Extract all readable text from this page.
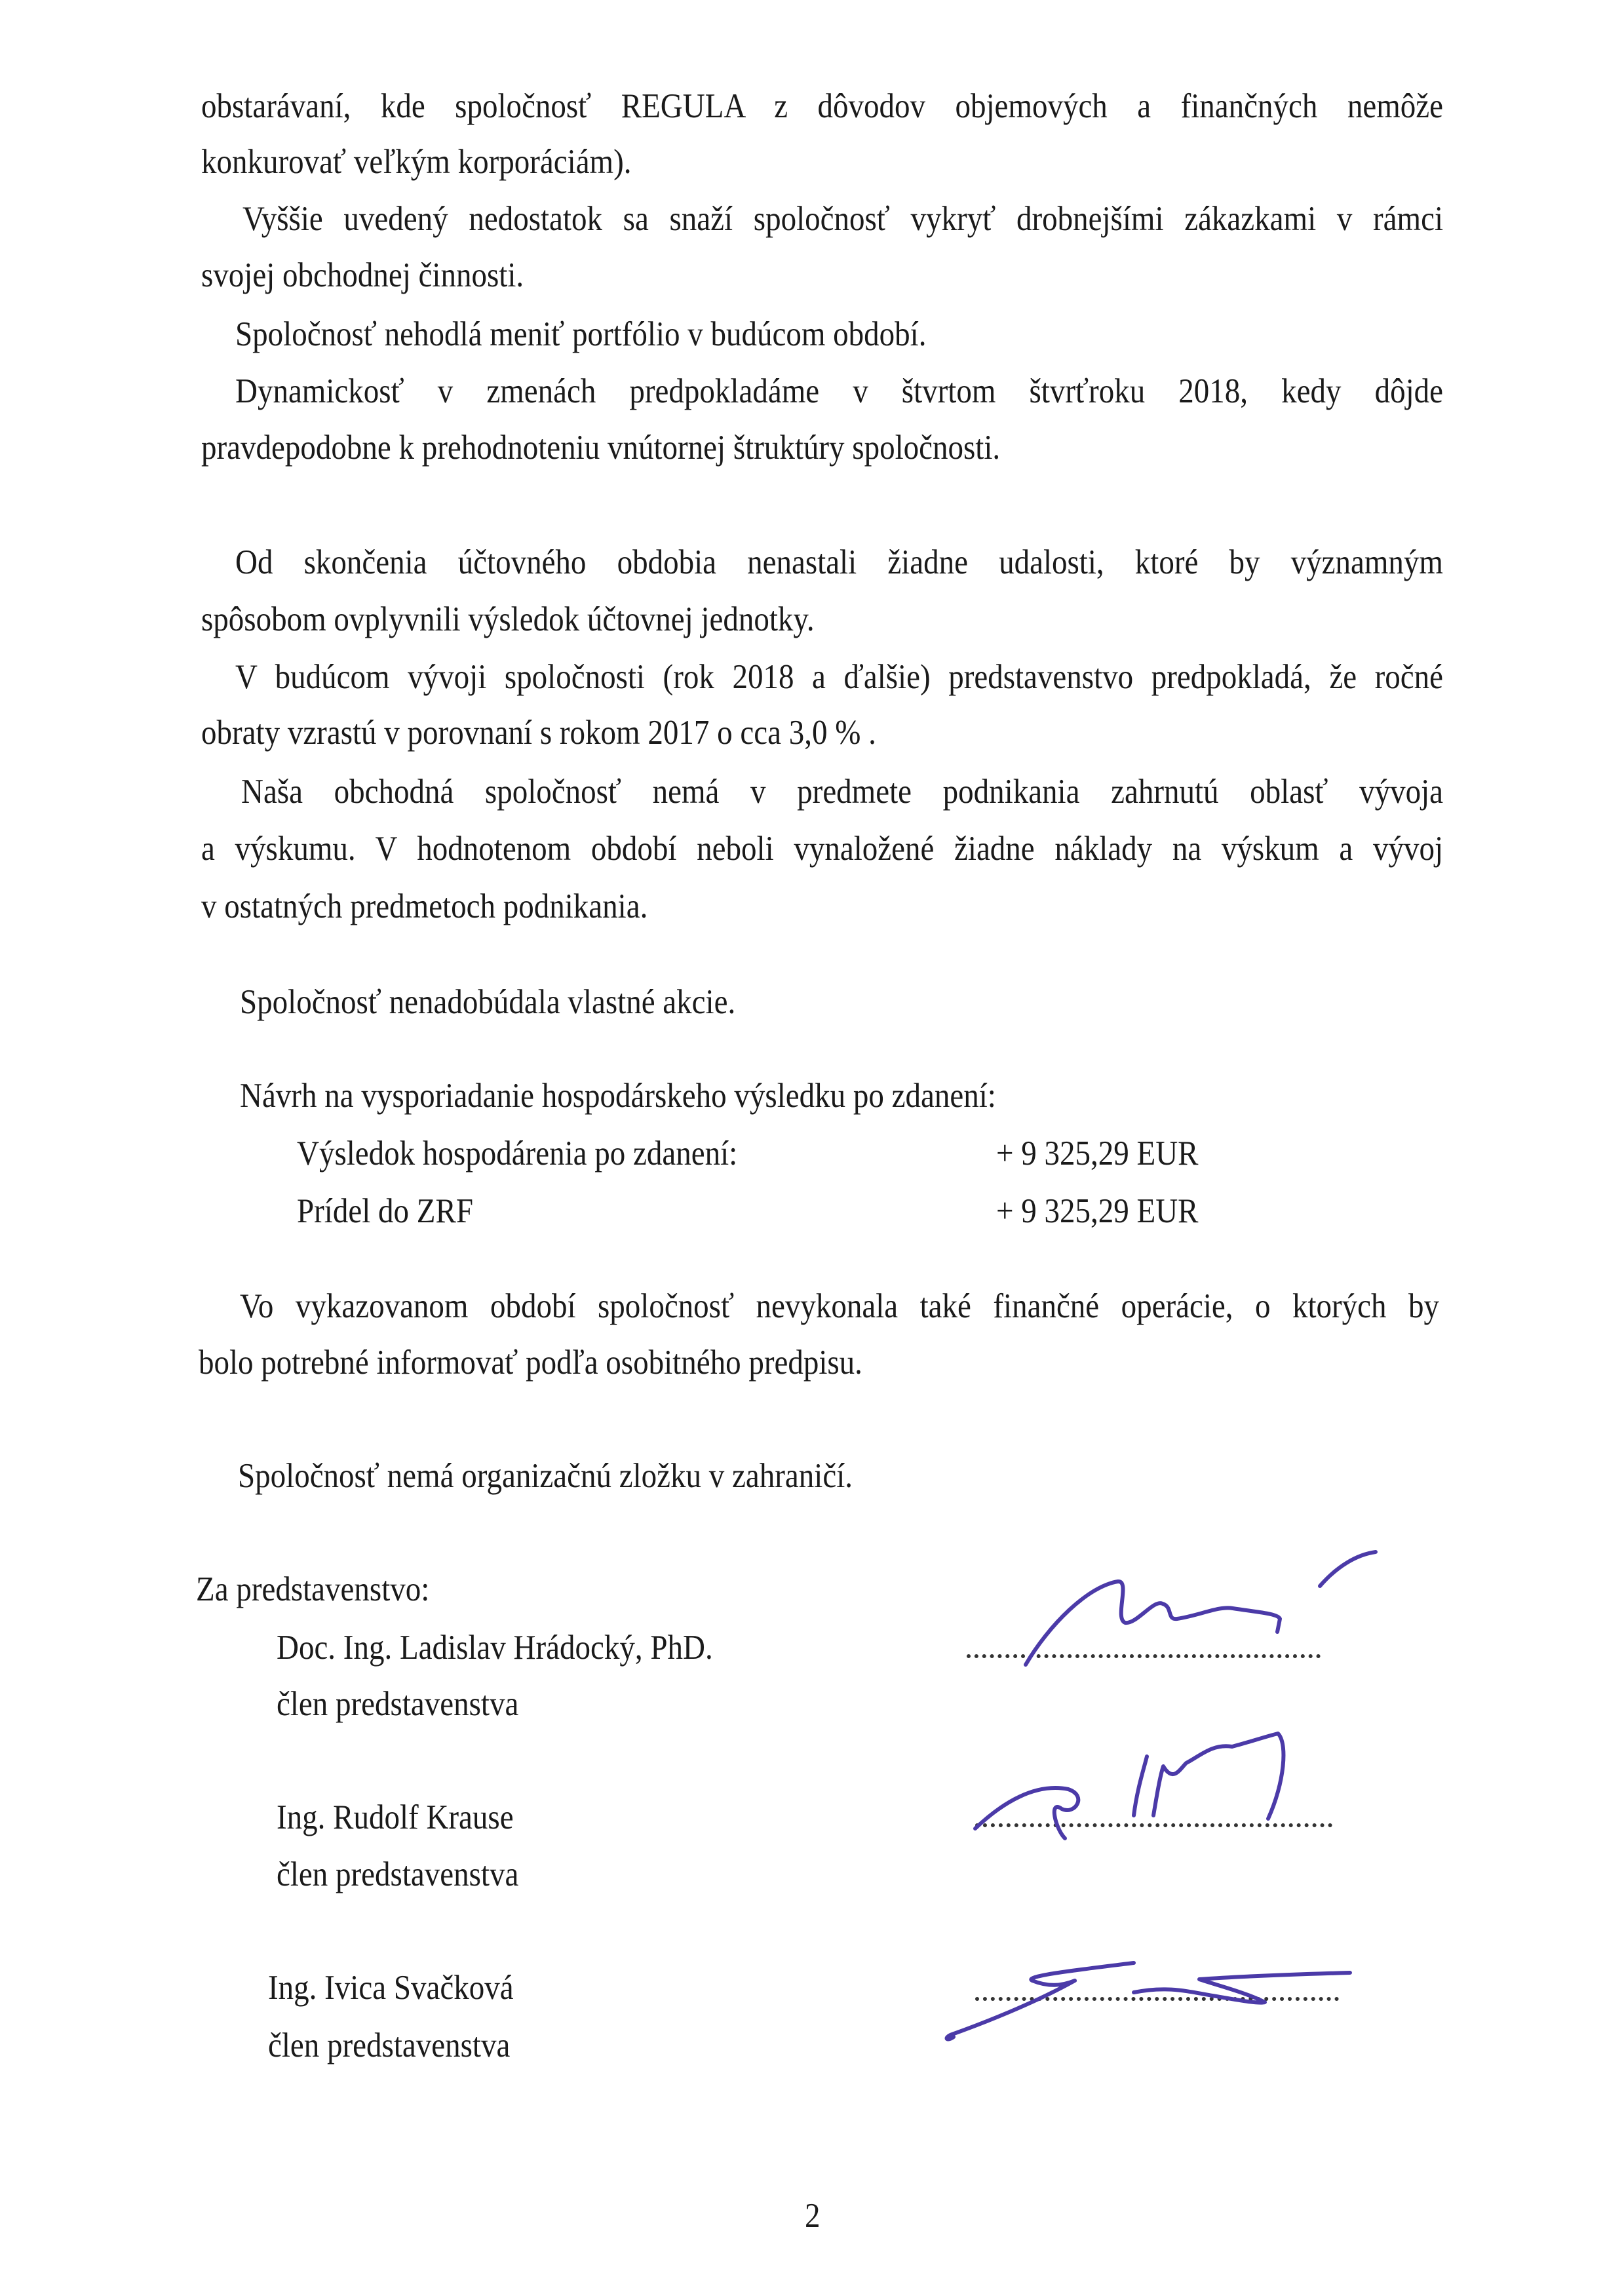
obstarávaní, kde spoločnosť REGULA z dôvodov objemových a finančných nemôže
konkurovať veľkým korporáciám).
Vyššie uvedený nedostatok sa snaží spoločnosť vykryť drobnejšími zákazkami v rámci
svojej obchodnej činnosti.
Spoločnosť nehodlá meniť portfólio v budúcom období.
Dynamickosť v zmenách predpokladáme v štvrtom štvrťroku 2018, kedy dôjde
pravdepodobne k prehodnoteniu vnútornej štruktúry spoločnosti.
Od skončenia účtovného obdobia nenastali žiadne udalosti, ktoré by významným
spôsobom ovplyvnili výsledok účtovnej jednotky.
V budúcom vývoji spoločnosti (rok 2018 a ďalšie) predstavenstvo predpokladá, že ročné
obraty vzrastú v porovnaní s rokom 2017 o cca 3,0 % .
Naša obchodná spoločnosť nemá v predmete podnikania zahrnutú oblasť vývoja
a výskumu. V hodnotenom období neboli vynaložené žiadne náklady na výskum a vývoj
v ostatných predmetoch podnikania.
Spoločnosť nenadobúdala vlastné akcie.
Návrh na vysporiadanie hospodárskeho výsledku po zdanení:
Výsledok hospodárenia po zdanení:	+ 9 325,29 EUR
Prídel do ZRF	+ 9 325,29 EUR
Vo vykazovanom období spoločnosť nevykonala také finančné operácie, o ktorých by
bolo potrebné informovať podľa osobitného predpisu.
Spoločnosť nemá organizačnú zložku v zahraničí.
Za predstavenstvo:
Doc. Ing. Ladislav Hrádocký, PhD.
člen predstavenstva
Ing. Rudolf Krause
člen predstavenstva
Ing. Ivica Svačková
člen predstavenstva
2
